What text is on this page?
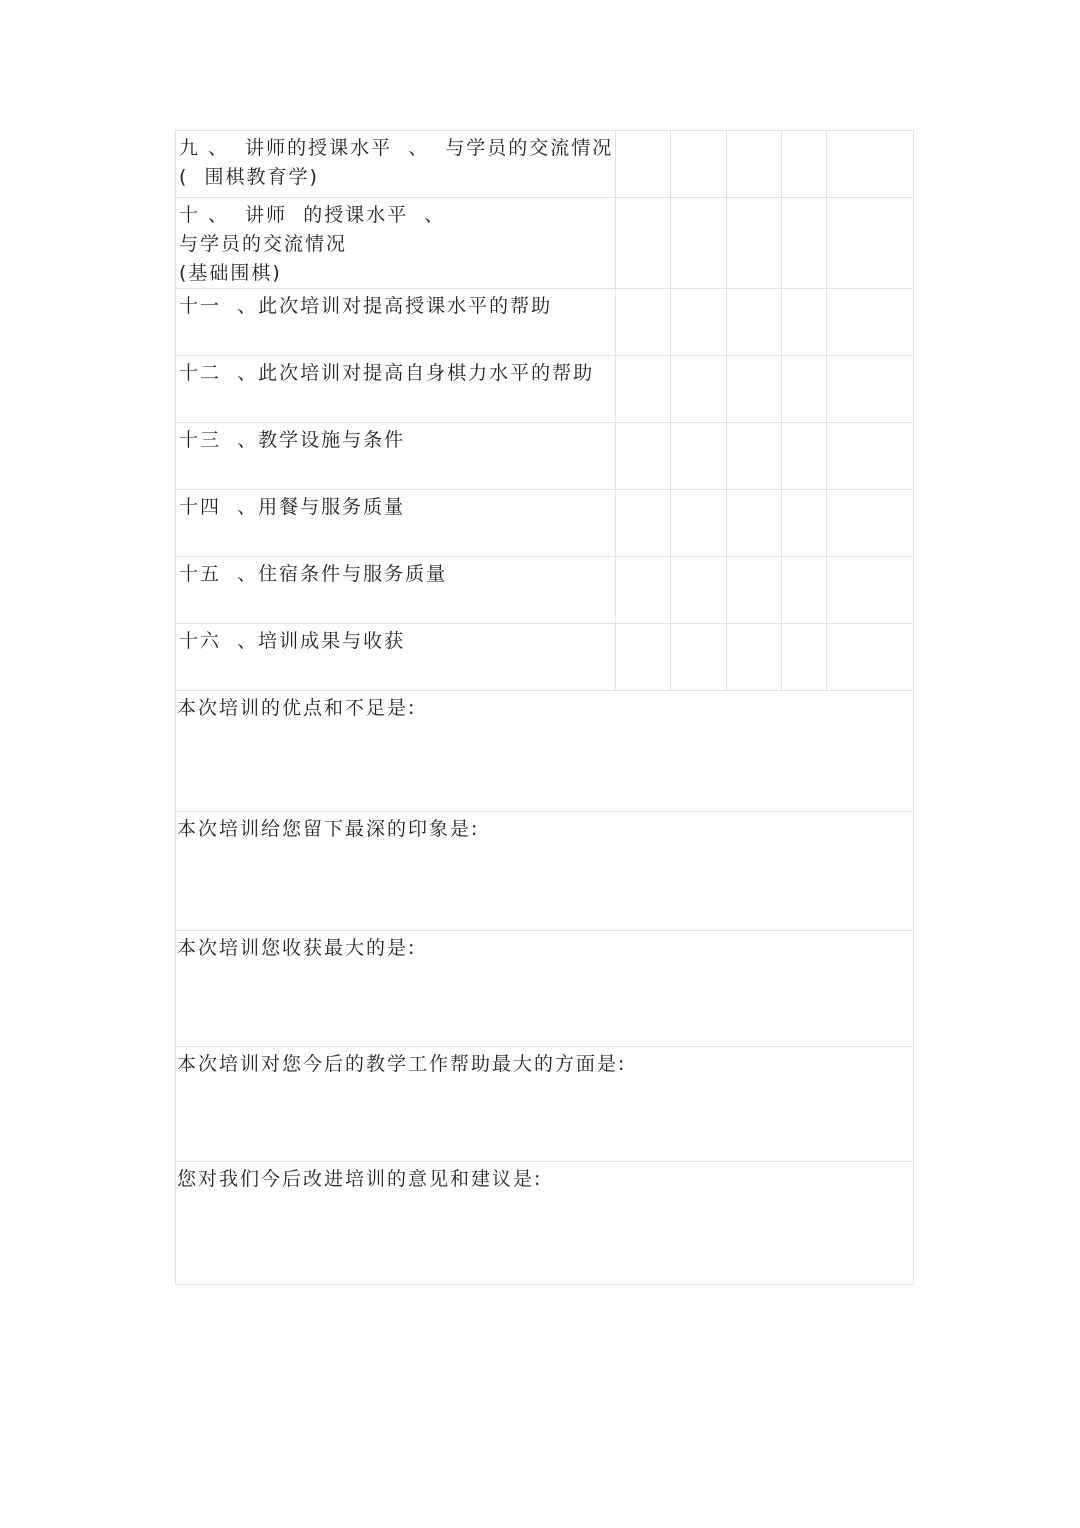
九 、  讲师的授课水平  、  与学员的交流情况
(  围棋教育学)					

十 、  讲师  的授课水平  、  与学员的交流情况
(基础围棋)					

十一  、此次培训对提高授课水平的帮助					

十二  、此次培训对提高自身棋力水平的帮助					

十三  、教学设施与条件					

十四  、用餐与服务质量					

十五  、住宿条件与服务质量					

十六  、培训成果与收获					

本次培训的优点和不足是:					

本次培训给您留下最深的印象是:					

本次培训您收获最大的是:					

本次培训对您今后的教学工作帮助最大的方面是:					

您对我们今后改进培训的意见和建议是:					
